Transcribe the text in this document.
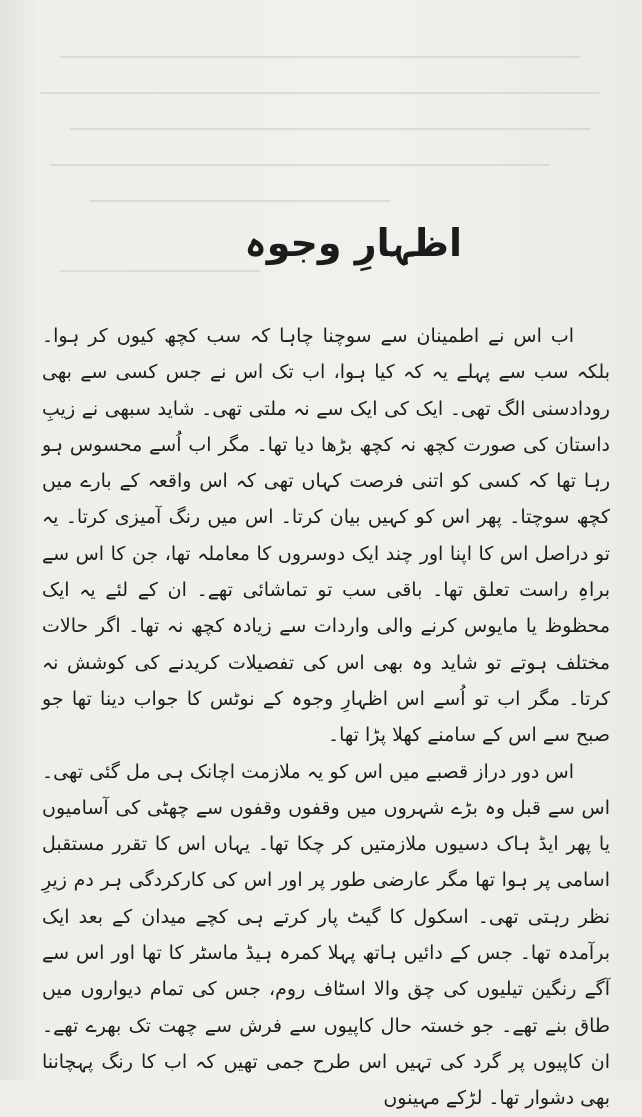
اظہارِ وجوہ

اب اس نے اطمینان سے سوچنا چاہا کہ سب کچھ کیوں کر ہوا۔ بلکہ سب سے پہلے یہ کہ کیا ہوا، اب تک اس نے جس کسی سے بھی رودادسنی الگ تھی۔ ایک کی ایک سے نہ ملتی تھی۔ شاید سبھی نے زیبِ داستان کی صورت کچھ نہ کچھ بڑھا دیا تھا۔ مگر اب اُسے محسوس ہو رہا تھا کہ کسی کو اتنی فرصت کہاں تھی کہ اس واقعہ کے بارے میں کچھ سوچتا۔ پھر اس کو کہیں بیان کرتا۔ اس میں رنگ آمیزی کرتا۔ یہ تو دراصل اس کا اپنا اور چند ایک دوسروں کا معاملہ تھا، جن کا اس سے براہِ راست تعلق تھا۔ باقی سب تو تماشائی تھے۔ ان کے لئے یہ ایک محظوظ یا مایوس کرنے والی واردات سے زیادہ کچھ نہ تھا۔ اگر حالات مختلف ہوتے تو شاید وہ بھی اس کی تفصیلات کریدنے کی کوشش نہ کرتا۔ مگر اب تو اُسے اس اظہارِ وجوہ کے نوٹس کا جواب دینا تھا جو صبح سے اس کے سامنے کھلا پڑا تھا۔

اس دور دراز قصبے میں اس کو یہ ملازمت اچانک ہی مل گئی تھی۔ اس سے قبل وہ بڑے شہروں میں وقفوں وقفوں سے چھٹی کی آسامیوں یا پھر ایڈ ہاک دسیوں ملازمتیں کر چکا تھا۔ یہاں اس کا تقرر مستقبل اسامی پر ہوا تھا مگر عارضی طور پر اور اس کی کارکردگی ہر دم زیرِ نظر رہتی تھی۔ اسکول کا گیٹ پار کرتے ہی کچے میدان کے بعد ایک برآمدہ تھا۔ جس کے دائیں ہاتھ پہلا کمرہ ہیڈ ماسٹر کا تھا اور اس سے آگے رنگین تیلیوں کی چق والا اسٹاف روم، جس کی تمام دیواروں میں طاق بنے تھے۔ جو خستہ حال کاپیوں سے فرش سے چھت تک بھرے تھے۔ ان کاپیوں پر گرد کی تہیں اس طرح جمی تھیں کہ اب کا رنگ پہچاننا بھی دشوار تھا۔ لڑکے مہینوں
